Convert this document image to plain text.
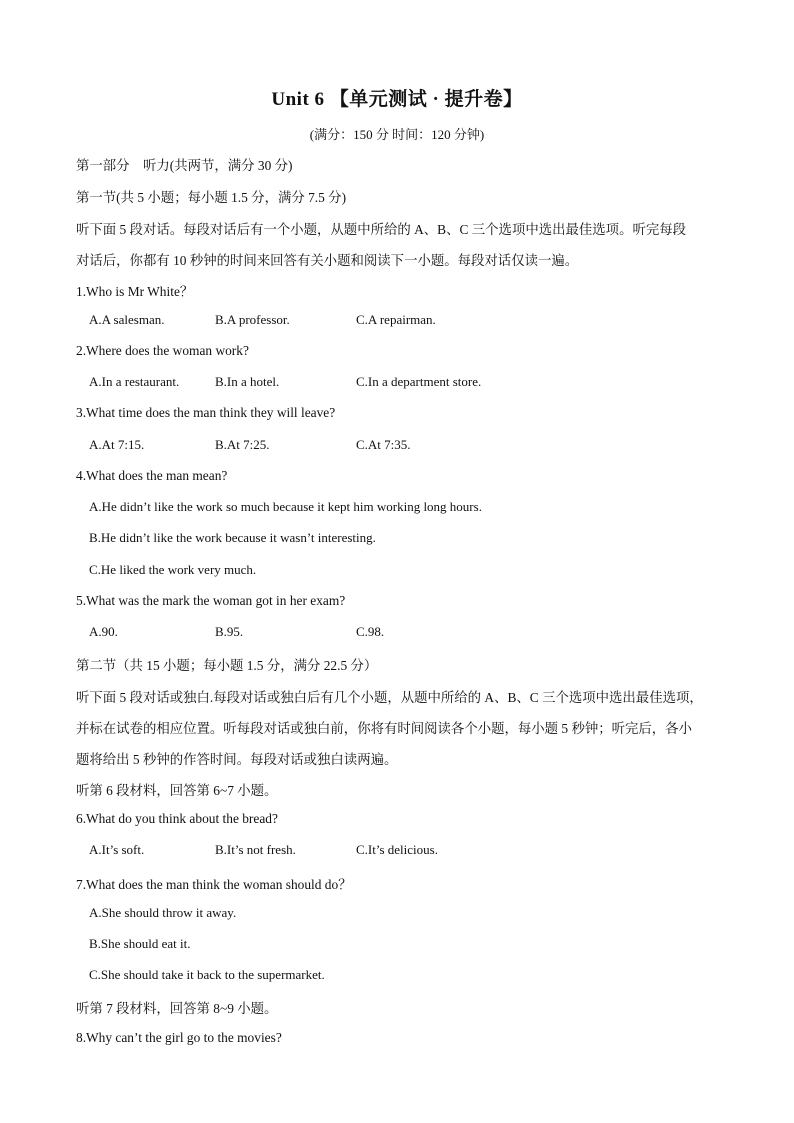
Unit 6 【单元测试 · 提升卷】
(满分：150 分 时间：120 分钟)
第一部分　听力(共两节，满分 30 分)
第一节(共 5 小题；每小题 1.5 分，满分 7.5 分)
听下面 5 段对话。每段对话后有一个小题，从题中所给的 A、B、C 三个选项中选出最佳选项。听完每段
对话后，你都有 10 秒钟的时间来回答有关小题和阅读下一小题。每段对话仅读一遍。
1.Who is Mr White？
A.A salesman.	B.A professor.	C.A repairman.
2.Where does the woman work?
A.In a restaurant.	B.In a hotel.	C.In a department store.
3.What time does the man think they will leave?
A.At 7:15.	B.At 7:25.	C.At 7:35.
4.What does the man mean?
A.He didn’t like the work so much because it kept him working long hours.
B.He didn’t like the work because it wasn’t interesting.
C.He liked the work very much.
5.What was the mark the woman got in her exam?
A.90.	B.95.	C.98.
第二节（共 15 小题；每小题 1.5 分，满分 22.5 分）
听下面 5 段对话或独白.每段对话或独白后有几个小题，从题中所给的 A、B、C 三个选项中选出最佳选项，
并标在试卷的相应位置。听每段对话或独白前，你将有时间阅读各个小题，每小题 5 秒钟；听完后，各小
题将给出 5 秒钟的作答时间。每段对话或独白读两遍。
听第 6 段材料，回答第 6~7 小题。
6.What do you think about the bread?
A.It’s soft.	B.It’s not fresh.	C.It’s delicious.
7.What does the man think the woman should do？
A.She should throw it away.
B.She should eat it.
C.She should take it back to the supermarket.
听第 7 段材料，回答第 8~9 小题。
8.Why can’t the girl go to the movies?
